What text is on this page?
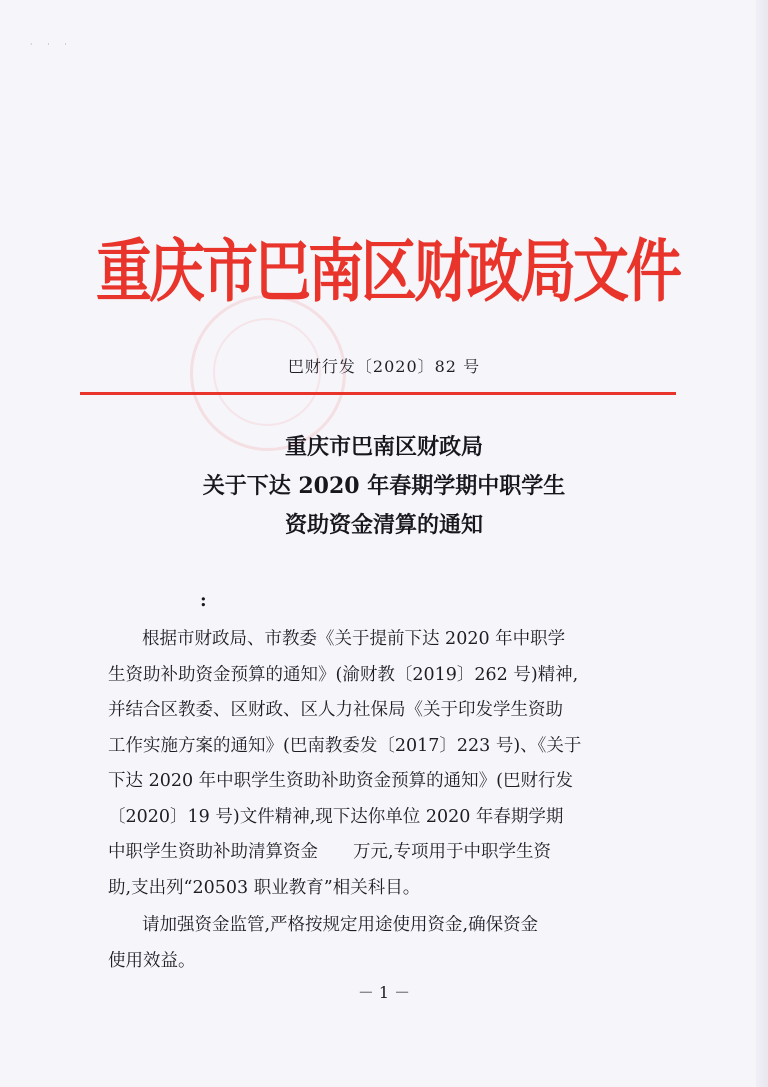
· · ·
重庆市巴南区财政局文件
巴财行发〔2020〕82 号
重庆市巴南区财政局
关于下达 2020 年春期学期中职学生
资助资金清算的通知
:
根据市财政局、市教委《关于提前下达 2020 年中职学
生资助补助资金预算的通知》(渝财教〔2019〕262 号)精神,
并结合区教委、区财政、区人力社保局《关于印发学生资助
工作实施方案的通知》(巴南教委发〔2017〕223 号)、《关于
下达 2020 年中职学生资助补助资金预算的通知》(巴财行发
〔2020〕19 号)文件精神,现下达你单位 2020 年春期学期
中职学生资助补助清算资金　　万元,专项用于中职学生资
助,支出列“20503 职业教育”相关科目。
请加强资金监管,严格按规定用途使用资金,确保资金
使用效益。
－ 1 －
